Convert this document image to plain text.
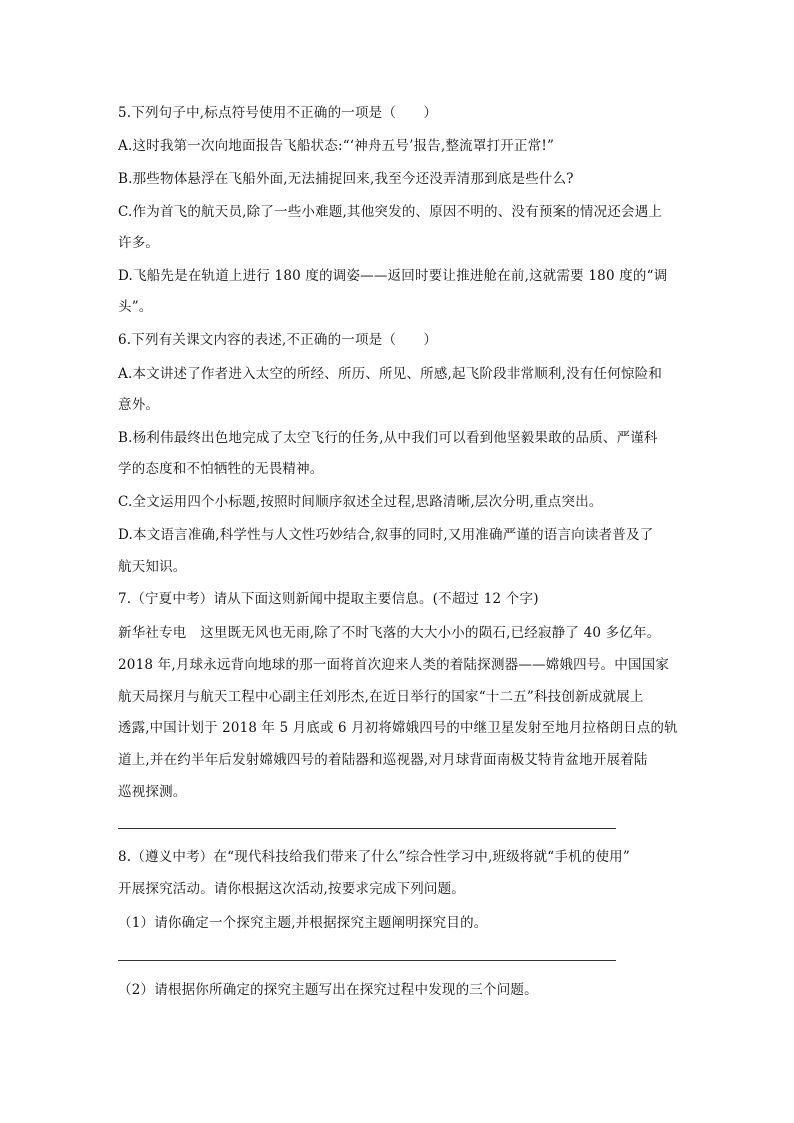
5.下列句子中,标点符号使用不正确的一项是（　　）
A.这时我第一次向地面报告飞船状态:“‘神舟五号’报告,整流罩打开正常!”
B.那些物体悬浮在飞船外面,无法捕捉回来,我至今还没弄清那到底是些什么?
C.作为首飞的航天员,除了一些小难题,其他突发的、原因不明的、没有预案的情况还会遇上
许多。
D.飞船先是在轨道上进行 180 度的调姿——返回时要让推进舱在前,这就需要 180 度的“调
头”。
6.下列有关课文内容的表述,不正确的一项是（　　）
A.本文讲述了作者进入太空的所经、所历、所见、所感,起飞阶段非常顺利,没有任何惊险和
意外。
B.杨利伟最终出色地完成了太空飞行的任务,从中我们可以看到他坚毅果敢的品质、严谨科
学的态度和不怕牺牲的无畏精神。
C.全文运用四个小标题,按照时间顺序叙述全过程,思路清晰,层次分明,重点突出。
D.本文语言准确,科学性与人文性巧妙结合,叙事的同时,又用准确严谨的语言向读者普及了
航天知识。
7.（宁夏中考）请从下面这则新闻中提取主要信息。(不超过 12 个字)
新华社专电　这里既无风也无雨,除了不时飞落的大大小小的陨石,已经寂静了 40 多亿年。
2018 年,月球永远背向地球的那一面将首次迎来人类的着陆探测器——嫦娥四号。中国国家
航天局探月与航天工程中心副主任刘彤杰,在近日举行的国家“十二五”科技创新成就展上
透露,中国计划于 2018 年 5 月底或 6 月初将嫦娥四号的中继卫星发射至地月拉格朗日点的轨
道上,并在约半年后发射嫦娥四号的着陆器和巡视器,对月球背面南极艾特肯盆地开展着陆
巡视探测。
8.（遵义中考）在“现代科技给我们带来了什么”综合性学习中,班级将就“手机的使用”
开展探究活动。请你根据这次活动,按要求完成下列问题。
（1）请你确定一个探究主题,并根据探究主题阐明探究目的。
（2）请根据你所确定的探究主题写出在探究过程中发现的三个问题。
